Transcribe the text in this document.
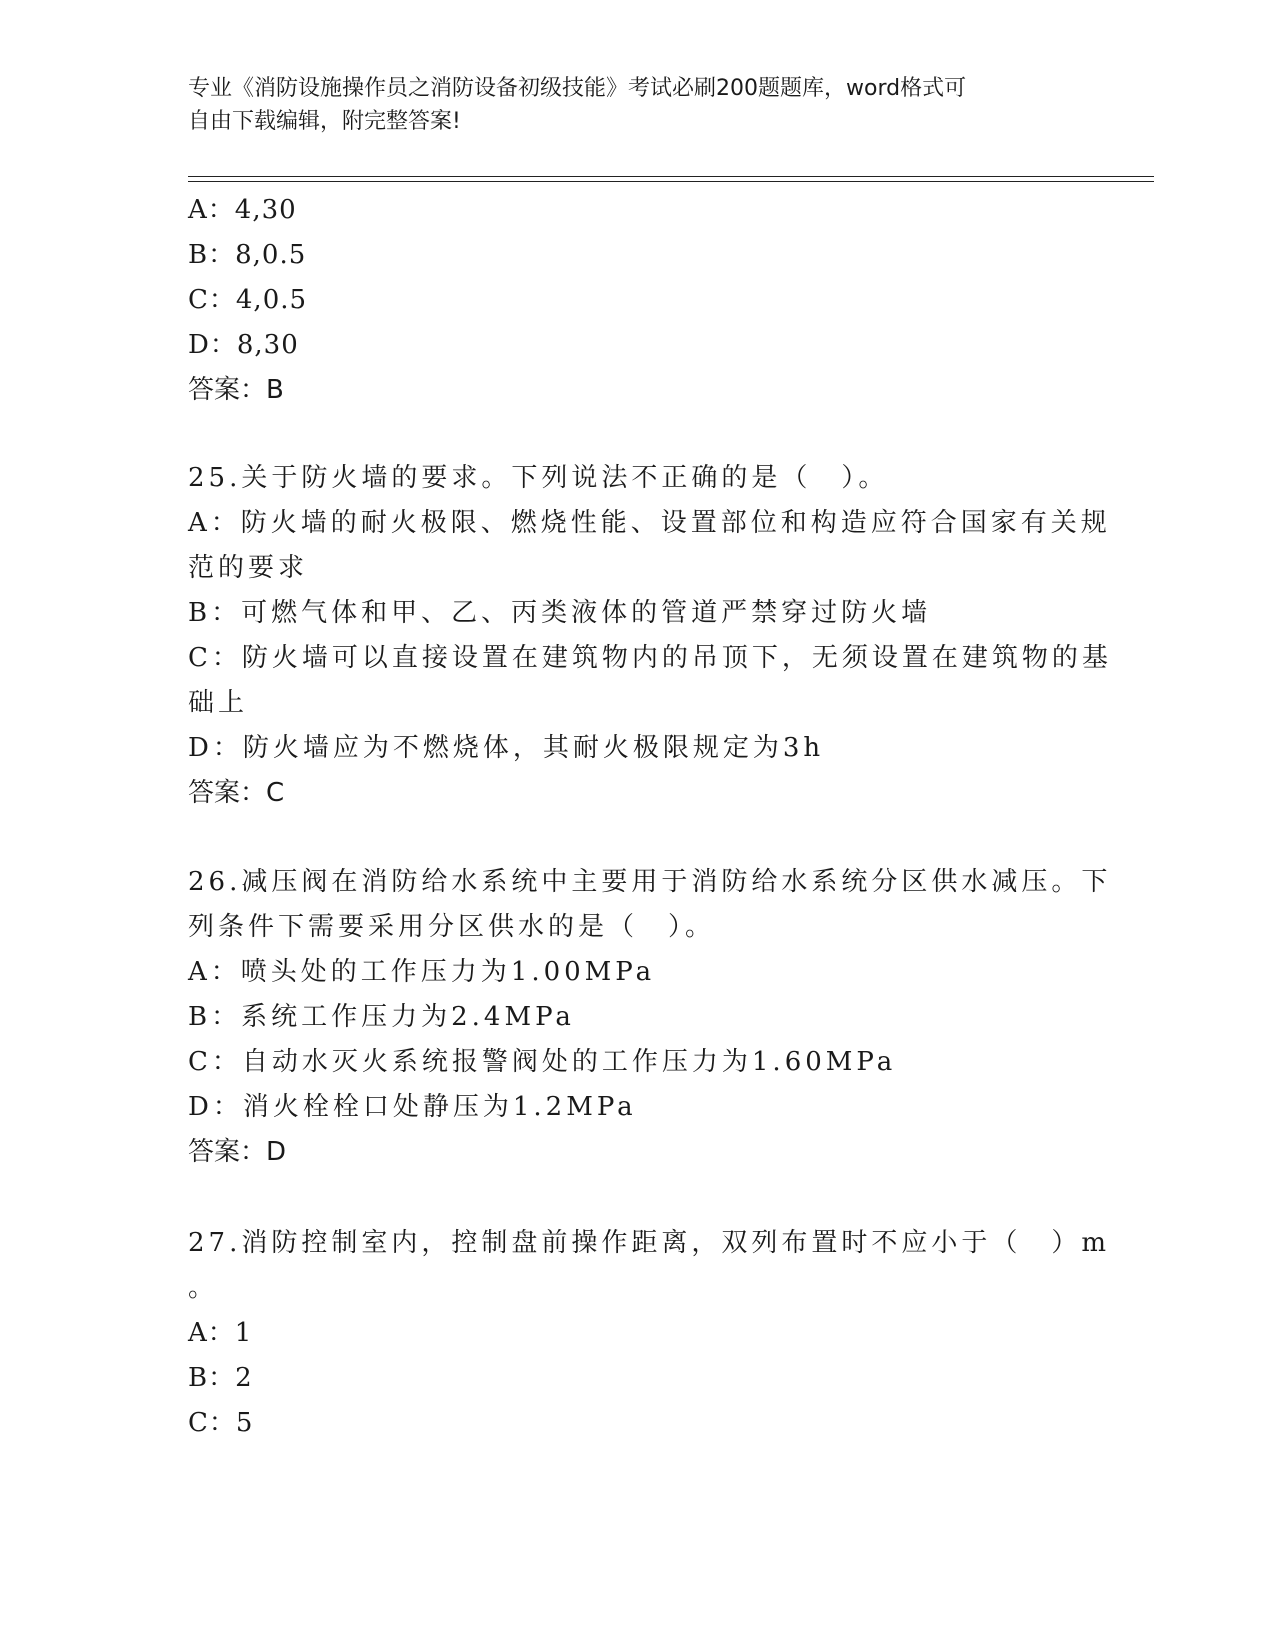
专业《消防设施操作员之消防设备初级技能》考试必刷200题题库，word格式可

自由下载编辑，附完整答案!

A：4,30
B：8,0.5
C：4,0.5
D：8,30
答案：B
25.关于防火墙的要求。下列说法不正确的是（　）。
A：防火墙的耐火极限、燃烧性能、设置部位和构造应符合国家有关规
范的要求
B：可燃气体和甲、乙、丙类液体的管道严禁穿过防火墙
C：防火墙可以直接设置在建筑物内的吊顶下，无须设置在建筑物的基
础上
D：防火墙应为不燃烧体，其耐火极限规定为3h
答案：C
26.减压阀在消防给水系统中主要用于消防给水系统分区供水减压。下
列条件下需要采用分区供水的是（　）。
A：喷头处的工作压力为1.00MPa
B：系统工作压力为2.4MPa
C：自动水灭火系统报警阀处的工作压力为1.60MPa
D：消火栓栓口处静压为1.2MPa
答案：D
27.消防控制室内，控制盘前操作距离，双列布置时不应小于（　）m
。
A：1
B：2
C：5
